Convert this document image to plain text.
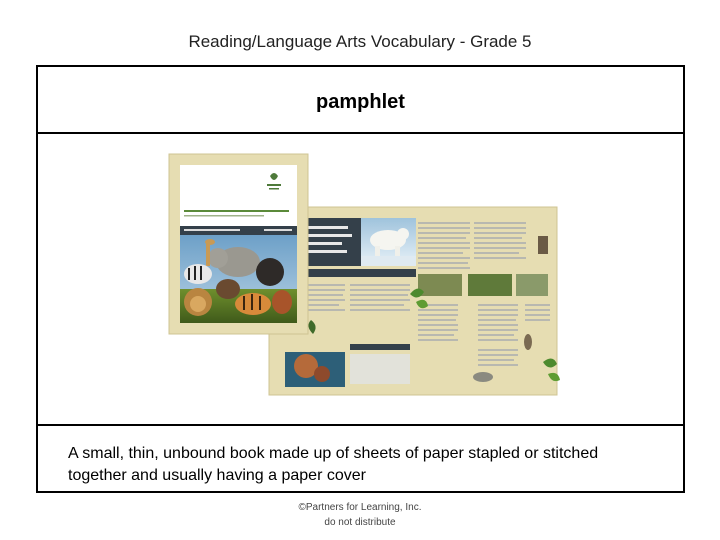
Reading/Language Arts Vocabulary - Grade 5
pamphlet
A small, thin, unbound book made up of sheets of paper stapled or stitched
together and usually having a paper cover
©Partners for Learning, Inc.
do not distribute
